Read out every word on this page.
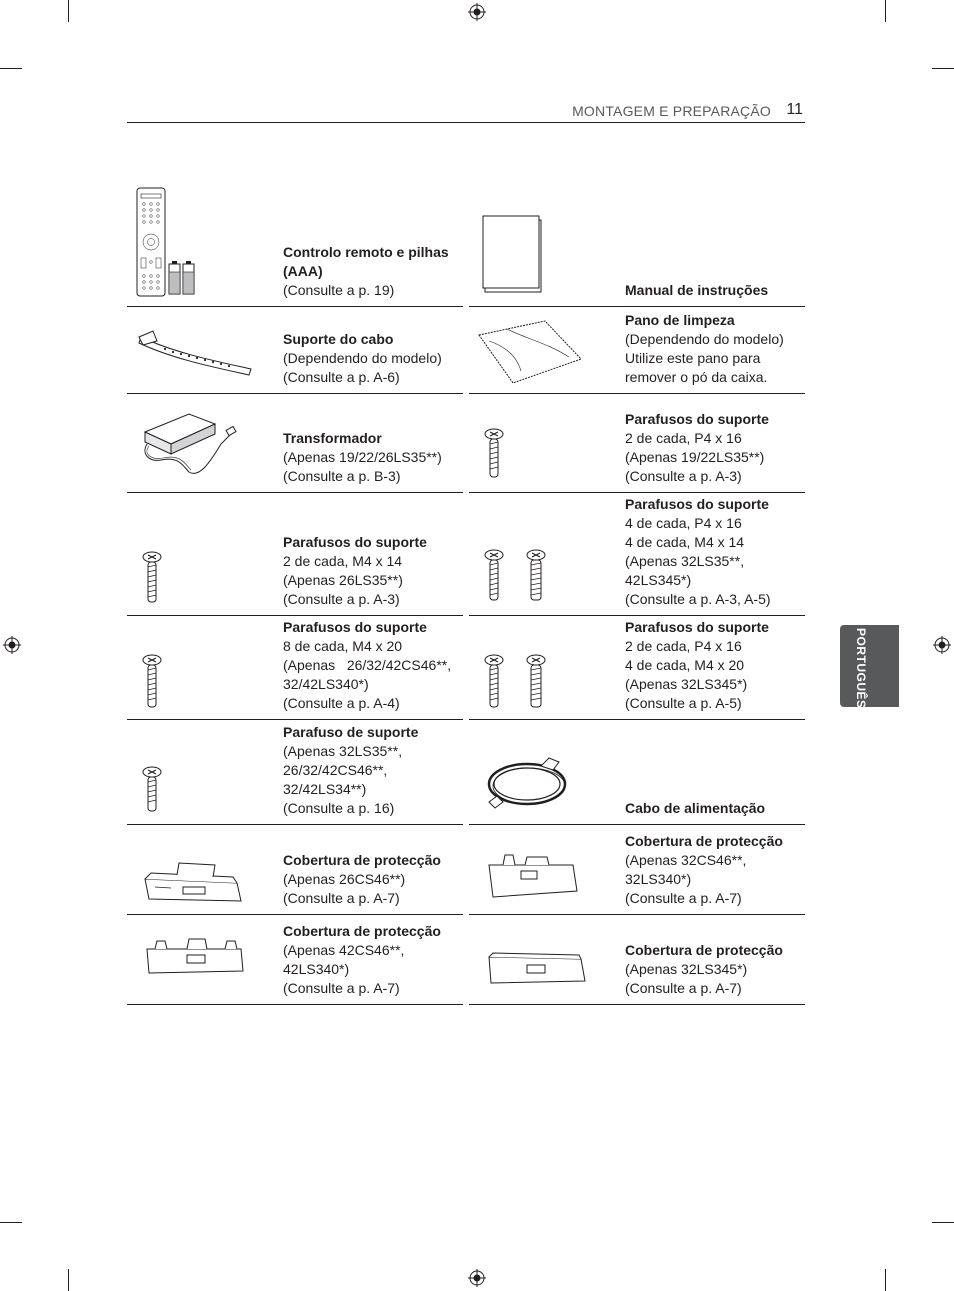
MONTAGEM E PREPARAÇÃO 11
PORTUGUÊS
Controlo remoto e pilhas (AAA)
(Consulte a p. 19)
Suporte do cabo
(Dependendo do modelo)
(Consulte a p. A-6)
Transformador
(Apenas 19/22/26LS35**)
(Consulte a p. B-3)
Parafusos do suporte
2 de cada, M4 x 14
(Apenas 26LS35**)
(Consulte a p. A-3)
Parafusos do suporte
8 de cada, M4 x 20
(Apenas   26/32/42CS46**,
32/42LS340*)
(Consulte a p. A-4)
Parafuso de suporte
(Apenas 32LS35**,
26/32/42CS46**,
32/42LS34**)
(Consulte a p. 16)
Cobertura de protecção
(Apenas 26CS46**)
(Consulte a p. A-7)
Cobertura de protecção
(Apenas 42CS46**,
42LS340*)
(Consulte a p. A-7)
Manual de instruções
Pano de limpeza
(Dependendo do modelo)
Utilize este pano para
remover o pó da caixa.
Parafusos do suporte
2 de cada, P4 x 16
(Apenas 19/22LS35**)
(Consulte a p. A-3)
Parafusos do suporte
4 de cada, P4 x 16
4 de cada, M4 x 14
(Apenas 32LS35**,
42LS345*)
(Consulte a p. A-3, A-5)
Parafusos do suporte
2 de cada, P4 x 16
4 de cada, M4 x 20
(Apenas 32LS345*)
(Consulte a p. A-5)
Cabo de alimentação
Cobertura de protecção
(Apenas 32CS46**,
32LS340*)
(Consulte a p. A-7)
Cobertura de protecção
(Apenas 32LS345*)
(Consulte a p. A-7)
